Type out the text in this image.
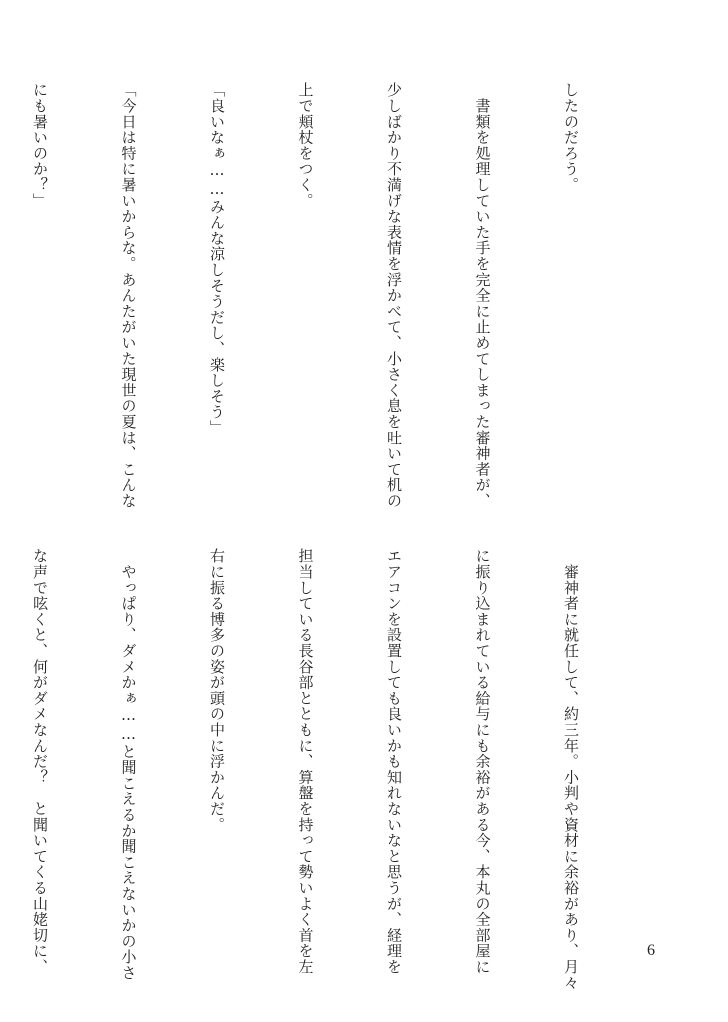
したのだろう。

　書類を処理していた手を完全に止めてしまった審神者が、

少しばかり不満げな表情を浮かべて、小さく息を吐いて机の

上で頬杖をつく。

「良いなぁ……みんな涼しそうだし、楽しそう」

「今日は特に暑いからな。あんたがいた現世の夏は、こんな

にも暑いのか？」

　審神者に就任して、約三年。小判や資材に余裕があり、月々

に振り込まれている給与にも余裕がある今、本丸の全部屋に

エアコンを設置しても良いかも知れないなと思うが、経理を

担当している長谷部とともに、算盤を持って勢いよく首を左

右に振る博多の姿が頭の中に浮かんだ。

　やっぱり、ダメかぁ……と聞こえるか聞こえないかの小さ

な声で呟くと、何がダメなんだ？　と聞いてくる山姥切に、

	6
